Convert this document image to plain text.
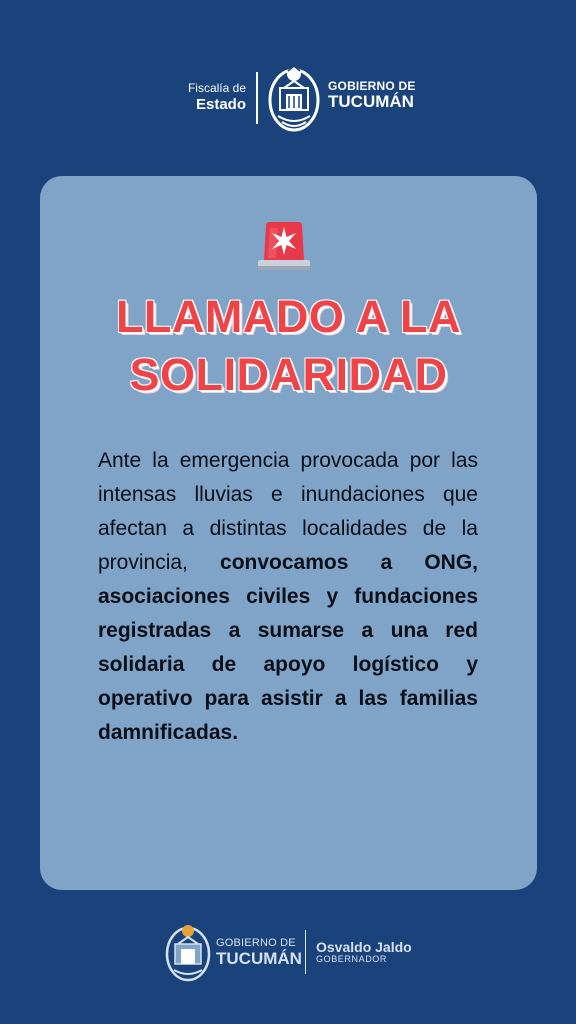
Fiscalía de
Estado
GOBIERNO DE
TUCUMÁN
LLAMADO A LA
SOLIDARIDAD
Ante la emergencia provocada por las intensas lluvias e inundaciones que afectan a distintas localidades de la provincia, convocamos a ONG, asociaciones civiles y fundaciones registradas a sumarse a una red solidaria de apoyo logístico y operativo para asistir a las familias damnificadas.
GOBIERNO DE
TUCUMÁN
Osvaldo Jaldo
GOBERNADOR
